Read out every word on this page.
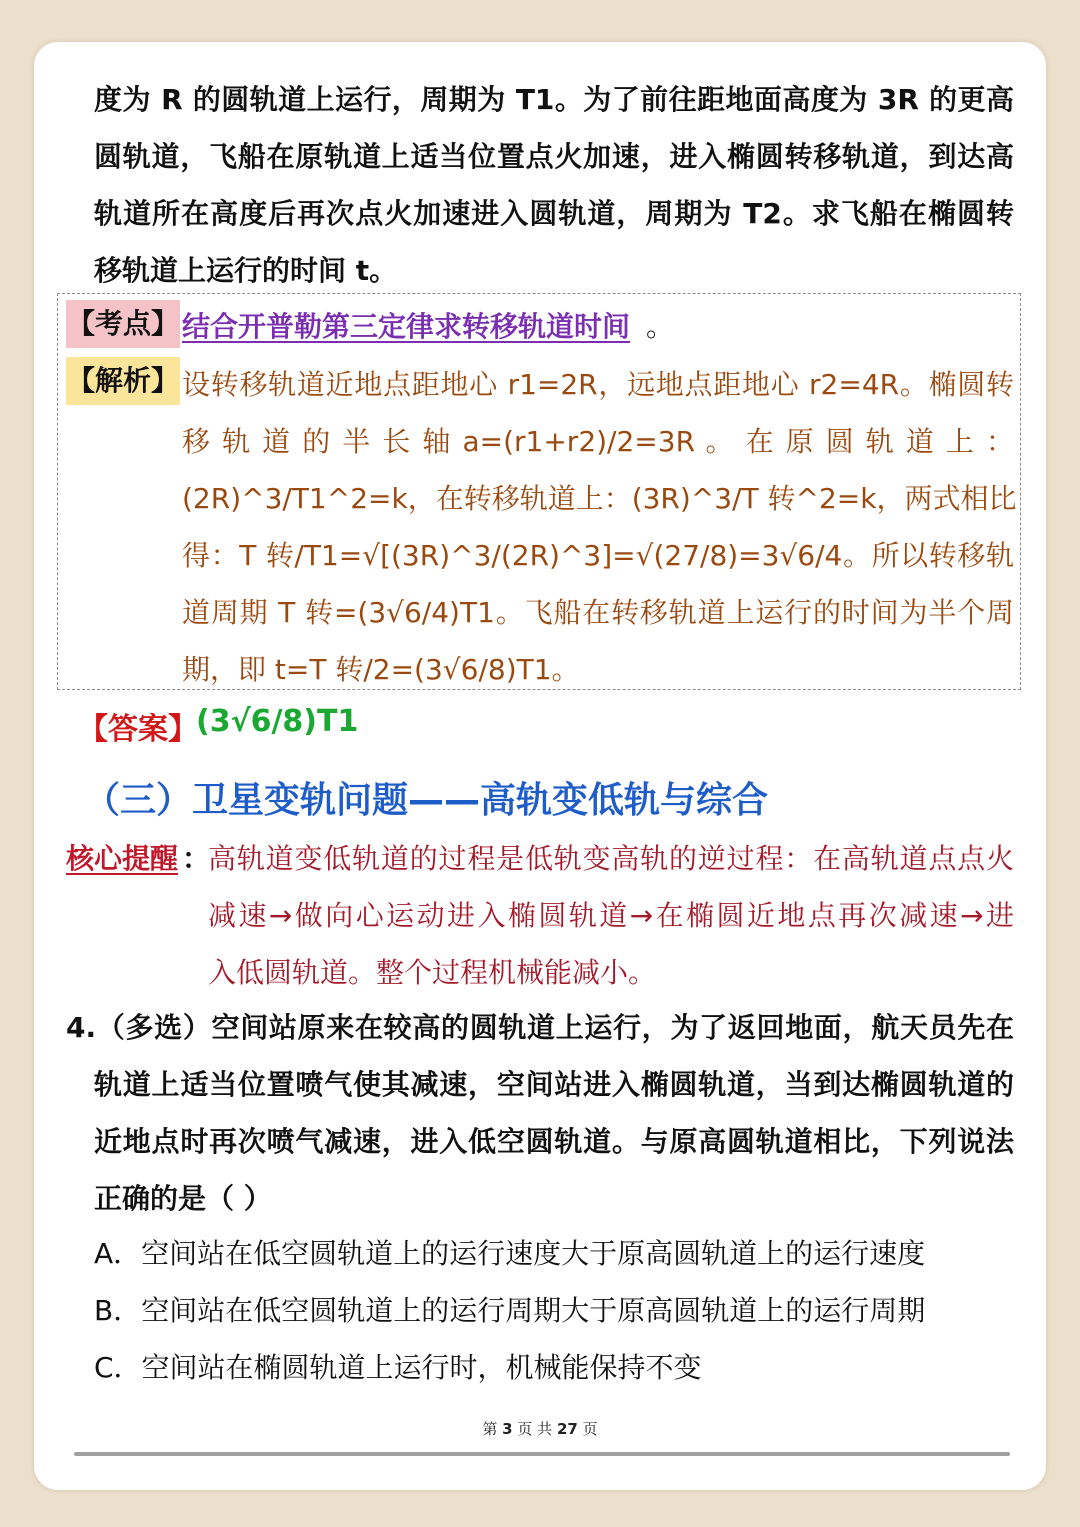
度为 R 的圆轨道上运行，周期为 T1。为了前往距地面高度为 3R 的更高
圆轨道，飞船在原轨道上适当位置点火加速，进入椭圆转移轨道，到达高
轨道所在高度后再次点火加速进入圆轨道，周期为 T2。求飞船在椭圆转
移轨道上运行的时间 t。
【考点】 结合开普勒第三定律求转移轨道时间 。
【解析】 设转移轨道近地点距地心 r1=2R，远地点距地心 r2=4R。椭圆转
移 轨 道 的 半 长 轴 a=(r1+r2)/2=3R 。 在 原 圆 轨 道 上 ：
(2R)^3/T1^2=k，在转移轨道上：(3R)^3/T 转^2=k，两式相比
得：T 转/T1=√[(3R)^3/(2R)^3]=√(27/8)=3√6/4。所以转移轨
道周期 T 转=(3√6/4)T1。飞船在转移轨道上运行的时间为半个周
期，即 t=T 转/2=(3√6/8)T1。
【答案】
(3√6/8)T1
（三）卫星变轨问题——高轨变低轨与综合
核心提醒 ：
高轨道变低轨道的过程是低轨变高轨的逆过程：在高轨道点点火
减速→做向心运动进入椭圆轨道→在椭圆近地点再次减速→进
入低圆轨道。整个过程机械能减小。
4.（多选）空间站原来在较高的圆轨道上运行，为了返回地面，航天员先在
轨道上适当位置喷气使其减速，空间站进入椭圆轨道，当到达椭圆轨道的
近地点时再次喷气减速，进入低空圆轨道。与原高圆轨道相比，下列说法
正确的是（ ）
A．空间站在低空圆轨道上的运行速度大于原高圆轨道上的运行速度
B．空间站在低空圆轨道上的运行周期大于原高圆轨道上的运行周期
C．空间站在椭圆轨道上运行时，机械能保持不变
第 3 页 共 27 页
